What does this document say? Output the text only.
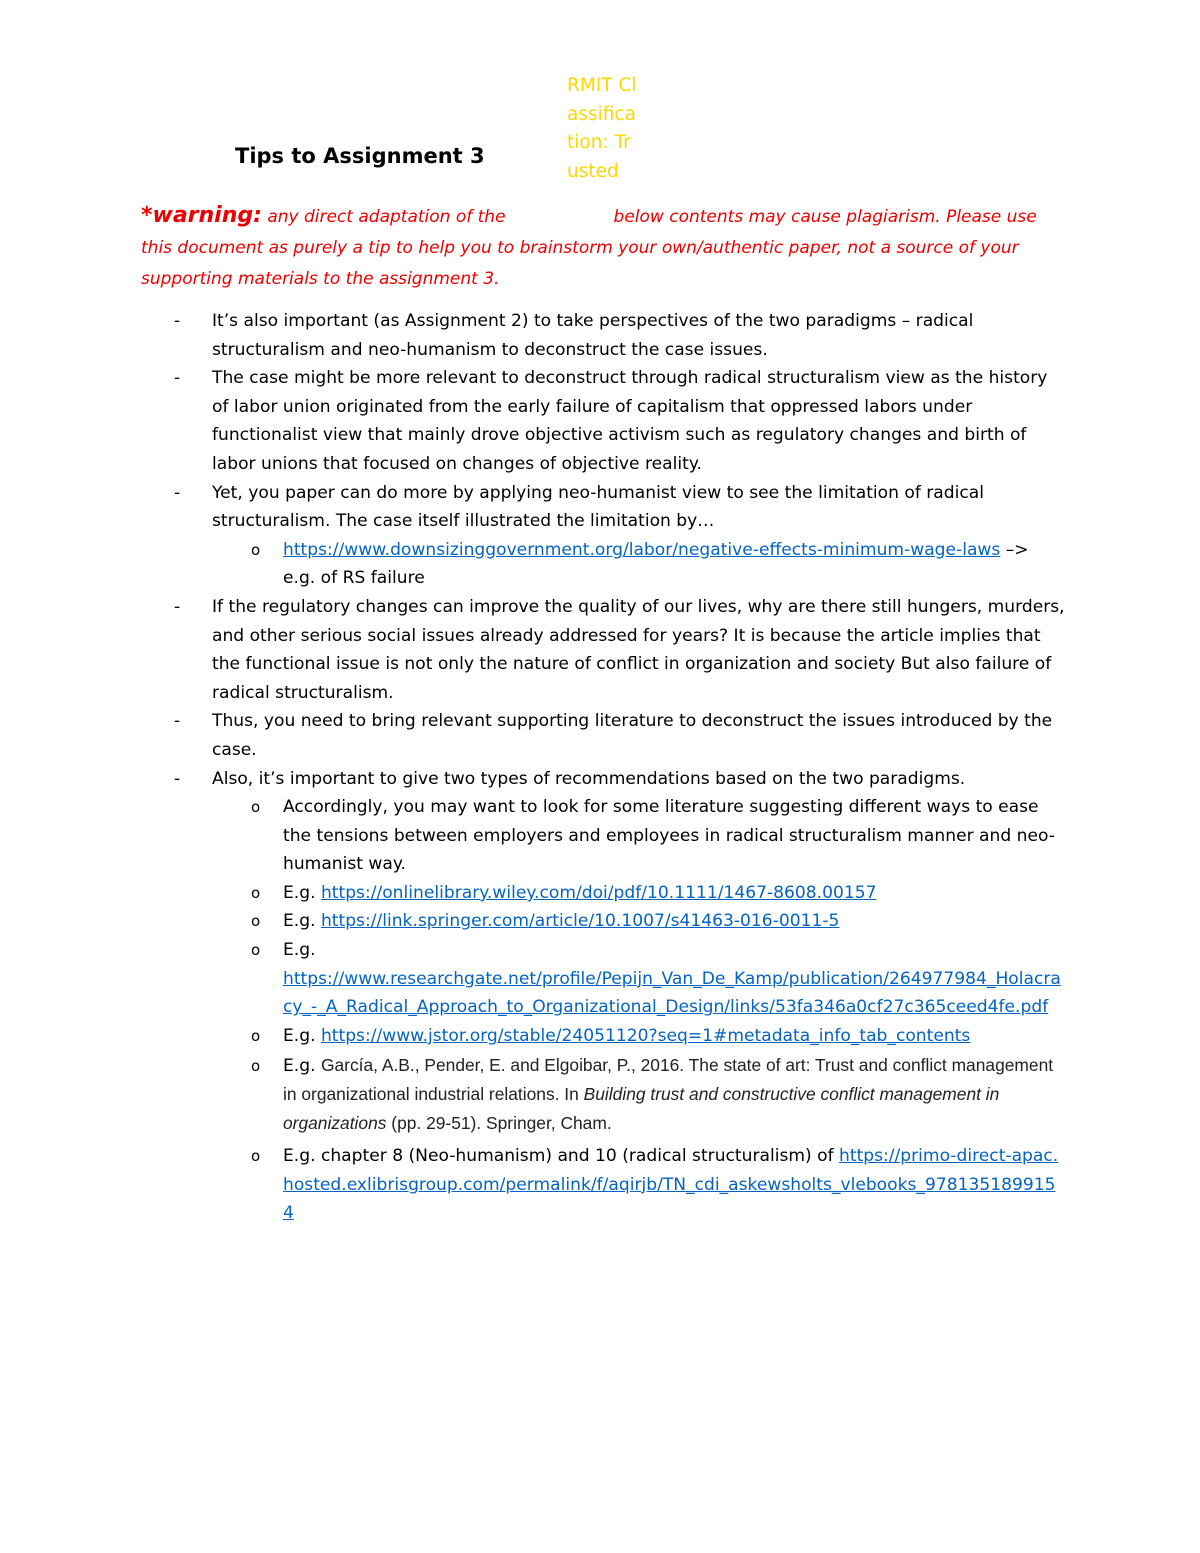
RMIT Classification: Trusted
Tips to Assignment 3
*warning: any direct adaptation of the	below contents may cause plagiarism. Please use this document as purely a tip to help you to brainstorm your own/authentic paper, not a source of your supporting materials to the assignment 3.
- It’s also important (as Assignment 2) to take perspectives of the two paradigms – radical structuralism and neo-humanism to deconstruct the case issues.
- The case might be more relevant to deconstruct through radical structuralism view as the history of labor union originated from the early failure of capitalism that oppressed labors under functionalist view that mainly drove objective activism such as regulatory changes and birth of labor unions that focused on changes of objective reality.
- Yet, you paper can do more by applying neo-humanist view to see the limitation of radical structuralism. The case itself illustrated the limitation by…
o https://www.downsizinggovernment.org/labor/negative-effects-minimum-wage-laws –> e.g. of RS failure
- If the regulatory changes can improve the quality of our lives, why are there still hungers, murders, and other serious social issues already addressed for years? It is because the article implies that the functional issue is not only the nature of conflict in organization and society But also failure of radical structuralism.
- Thus, you need to bring relevant supporting literature to deconstruct the issues introduced by the case.
- Also, it’s important to give two types of recommendations based on the two paradigms.
o Accordingly, you may want to look for some literature suggesting different ways to ease the tensions between employers and employees in radical structuralism manner and neo-humanist way.
o E.g. https://onlinelibrary.wiley.com/doi/pdf/10.1111/1467-8608.00157
o E.g. https://link.springer.com/article/10.1007/s41463-016-0011-5
o E.g.
https://www.researchgate.net/profile/Pepijn_Van_De_Kamp/publication/264977984_Holacracy_-_A_Radical_Approach_to_Organizational_Design/links/53fa346a0cf27c365ceed4fe.pdf
o E.g. https://www.jstor.org/stable/24051120?seq=1#metadata_info_tab_contents
o E.g. García, A.B., Pender, E. and Elgoibar, P., 2016. The state of art: Trust and conflict management in organizational industrial relations. In Building trust and constructive conflict management in organizations (pp. 29-51). Springer, Cham.
o E.g. chapter 8 (Neo-humanism) and 10 (radical structuralism) of https://primo-direct-apac.hosted.exlibrisgroup.com/permalink/f/aqirjb/TN_cdi_askewsholts_vlebooks_9781351899154
